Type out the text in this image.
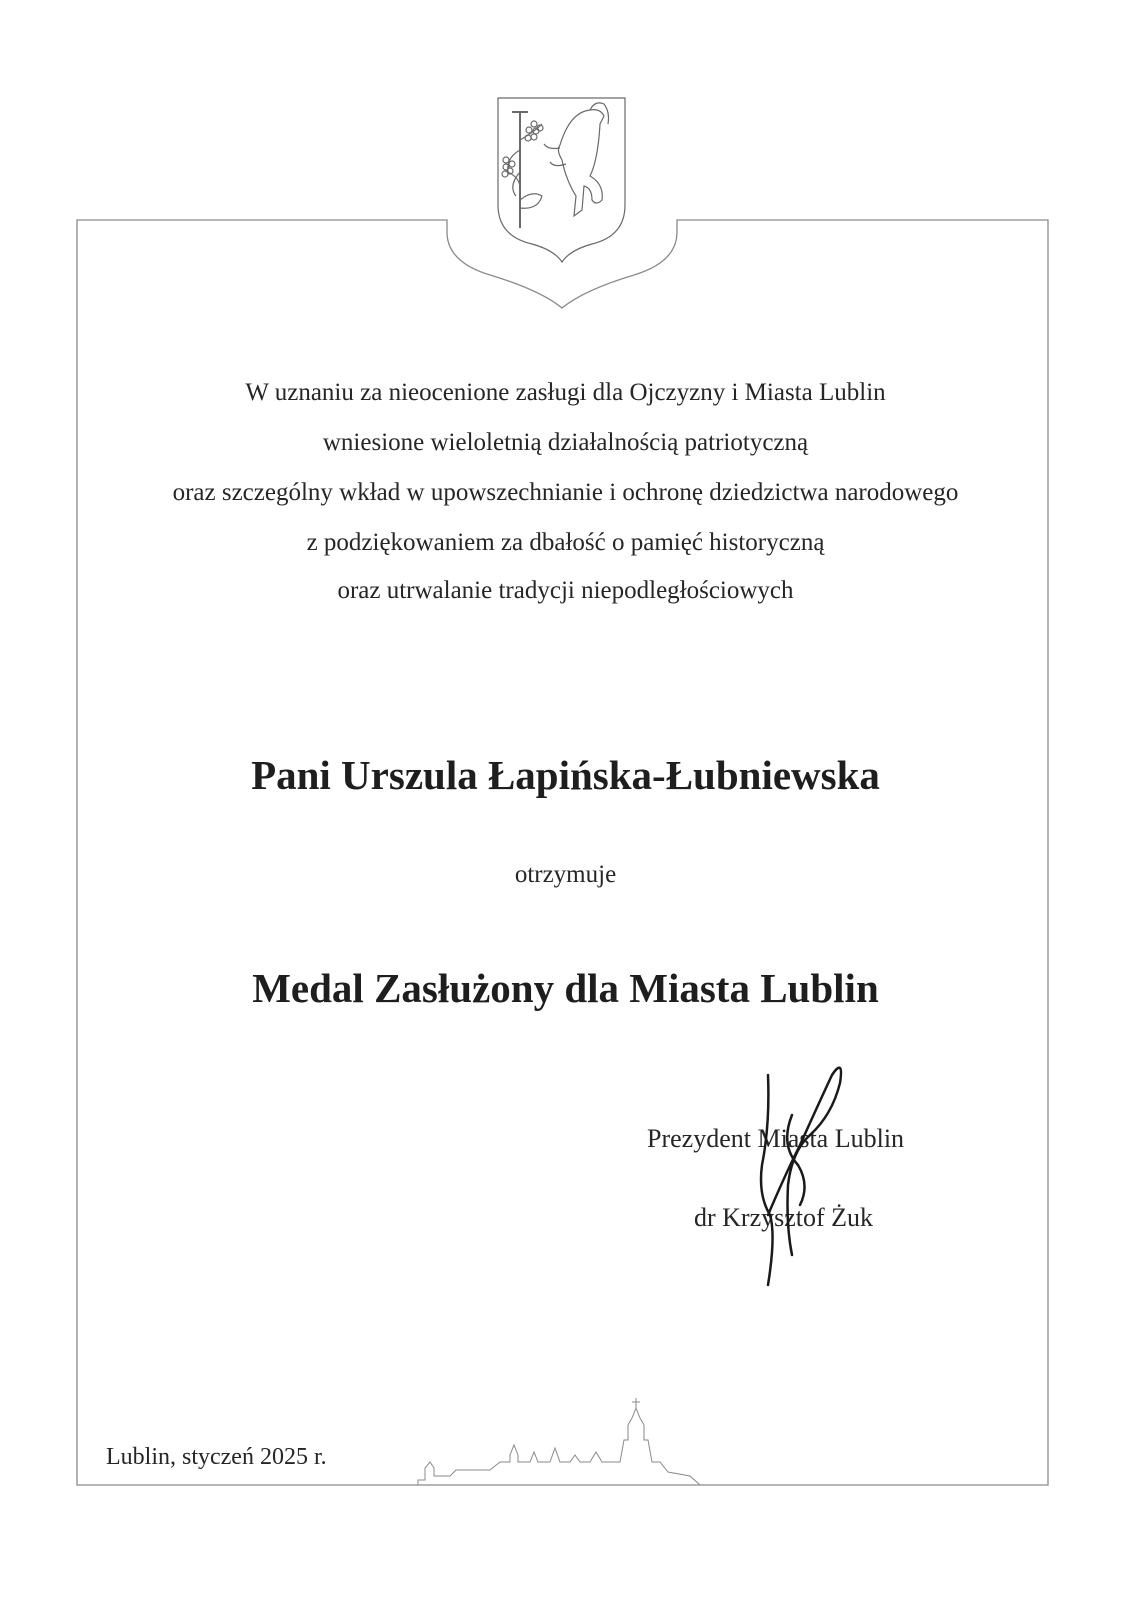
W uznaniu za nieocenione zasługi dla Ojczyzny i Miasta Lublin
wniesione wieloletnią działalnością patriotyczną
oraz szczególny wkład w upowszechnianie i ochronę dziedzictwa narodowego
z podziękowaniem za dbałość o pamięć historyczną
oraz utrwalanie tradycji niepodległościowych
Pani Urszula Łapińska-Łubniewska
otrzymuje
Medal Zasłużony dla Miasta Lublin
Prezydent Miasta Lublin
dr Krzysztof Żuk
Lublin, styczeń 2025 r.
